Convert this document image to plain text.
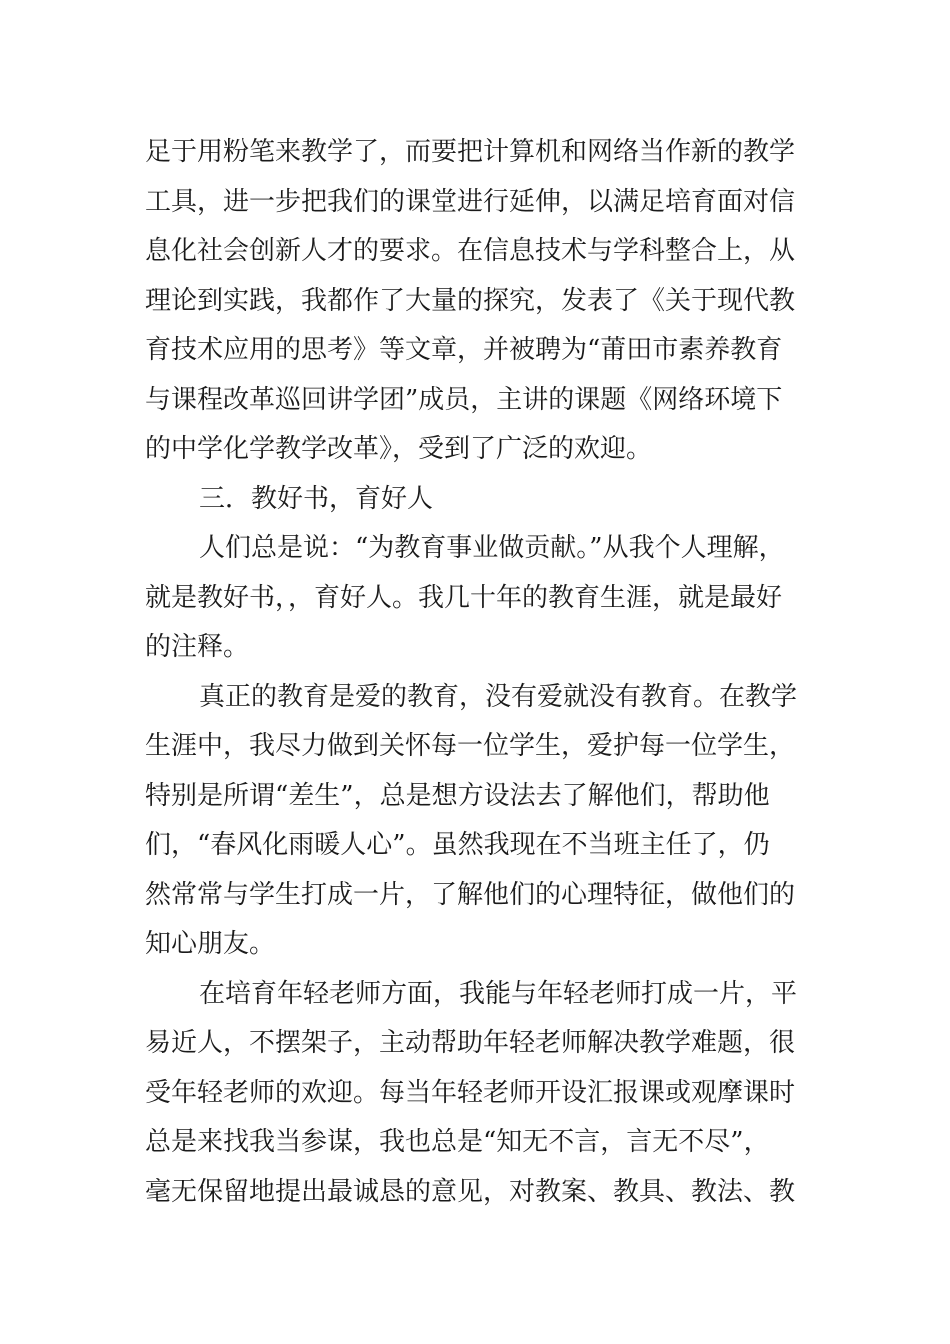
足于用粉笔来教学了，而要把计算机和网络当作新的教学
工具，进一步把我们的课堂进行延伸，以满足培育面对信
息化社会创新人才的要求。在信息技术与学科整合上，从
理论到实践，我都作了大量的探究，发表了《关于现代教
育技术应用的思考》等文章，并被聘为“莆田市素养教育
与课程改革巡回讲学团”成员，主讲的课题《网络环境下
的中学化学教学改革》，受到了广泛的欢迎。
三．教好书，育好人
人们总是说：“为教育事业做贡献。”从我个人理解，
就是教好书，，育好人。我几十年的教育生涯，就是最好
的注释。
真正的教育是爱的教育，没有爱就没有教育。在教学
生涯中，我尽力做到关怀每一位学生，爱护每一位学生，
特别是所谓“差生”，总是想方设法去了解他们，帮助他
们，“春风化雨暖人心”。虽然我现在不当班主任了，仍
然常常与学生打成一片，了解他们的心理特征，做他们的
知心朋友。
在培育年轻老师方面，我能与年轻老师打成一片，平
易近人，不摆架子，主动帮助年轻老师解决教学难题，很
受年轻老师的欢迎。每当年轻老师开设汇报课或观摩课时
总是来找我当参谋，我也总是“知无不言，言无不尽”，
毫无保留地提出最诚恳的意见，对教案、教具、教法、教
